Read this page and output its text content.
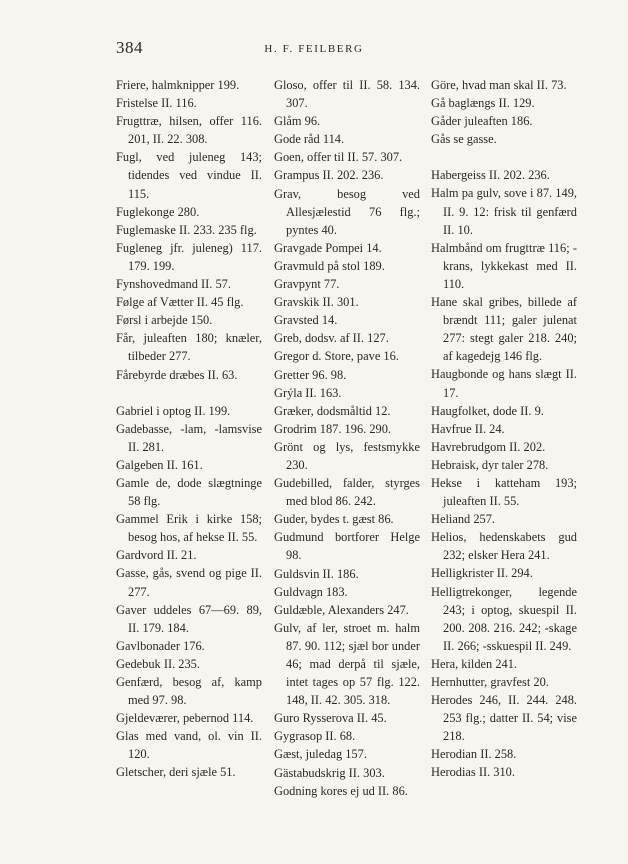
384	H. F. FEILBERG
Friere, halmknipper 199.
Fristelse II. 116.
Frugttræ, hilsen, offer 116. 201, II. 22. 308.
Fugl, ved juleneg 143; tidendes ved vindue II. 115.
Fuglekonge 280.
Fuglemaske II. 233. 235 flg.
Fugleneg jfr. juleneg) 117. 179. 199.
Fynshovedmand II. 57.
Følge af Vætter II. 45 flg.
Førsl i arbejde 150.
Får, juleaften 180; knæler, tilbeder 277.
Fårebyrde dræbes II. 63.
Gabriel i optog II. 199.
Gadebasse, -lam, -lamsvise II. 281.
Galgeben II. 161.
Gamle de, dode slægtninge 58 flg.
Gammel Erik i kirke 158; besog hos, af hekse II. 55.
Gardvord II. 21.
Gasse, gås, svend og pige II. 277.
Gaver uddeles 67—69. 89, II. 179. 184.
Gavlbonader 176.
Gedebuk II. 235.
Genfærd, besog af, kamp med 97. 98.
Gjeldeværer, pebernod 114.
Glas med vand, ol. vin II. 120.
Gletscher, deri sjæle 51.
Gloso, offer til II. 58. 134. 307.
Glåm 96.
Gode råd 114.
Goen, offer til II. 57. 307.
Grampus II. 202. 236.
Grav, besog ved Allesjælestid 76 flg.; pyntes 40.
Gravgade Pompei 14.
Gravmuld på stol 189.
Gravpynt 77.
Gravskik II. 301.
Gravsted 14.
Greb, dodsv. af II. 127.
Gregor d. Store, pave 16.
Gretter 96. 98.
Grýla II. 163.
Græker, dodsmåltid 12.
Grodrim 187. 196. 290.
Grönt og lys, festsmykke 230.
Gudebilled, falder, styrges med blod 86. 242.
Guder, bydes t. gæst 86.
Gudmund bortforer Helge 98.
Guldsvin II. 186.
Guldvagn 183.
Guldæble, Alexanders 247.
Gulv, af ler, stroet m. halm 87. 90. 112; sjæl bor under 46; mad derpå til sjæle, intet tages op 57 flg. 122. 148, II. 42. 305. 318.
Guro Rysserova II. 45.
Gygrasop II. 68.
Gæst, juledag 157.
Gästabudskrig II. 303.
Godning kores ej ud II. 86.
Göre, hvad man skal II. 73.
Gå baglængs II. 129.
Gåder juleaften 186.
Gås se gasse.
Habergeiss II. 202. 236.
Halm pa gulv, sove i 87. 149, II. 9. 12: frisk til genfærd II. 10.
Halmbånd om frugttræ 116; -krans, lykkekast med II. 110.
Hane skal gribes, billede af brændt 111; galer julenat 277: stegt galer 218. 240; af kagedejg 146 flg.
Haugbonde og hans slægt II. 17.
Haugfolket, dode II. 9.
Havfrue II. 24.
Havrebrudgom II. 202.
Hebraisk, dyr taler 278.
Hekse i katteham 193; juleaften II. 55.
Heliand 257.
Helios, hedenskabets gud 232; elsker Hera 241.
Helligkrister II. 294.
Helligtrekonger, legende 243; i optog, skuespil II. 200. 208. 216. 242; -skage II. 266; -sskuespil II. 249.
Hera, kilden 241.
Hernhutter, gravfest 20.
Herodes 246, II. 244. 248. 253 flg.; datter II. 54; vise 218.
Herodian II. 258.
Herodias II. 310.
